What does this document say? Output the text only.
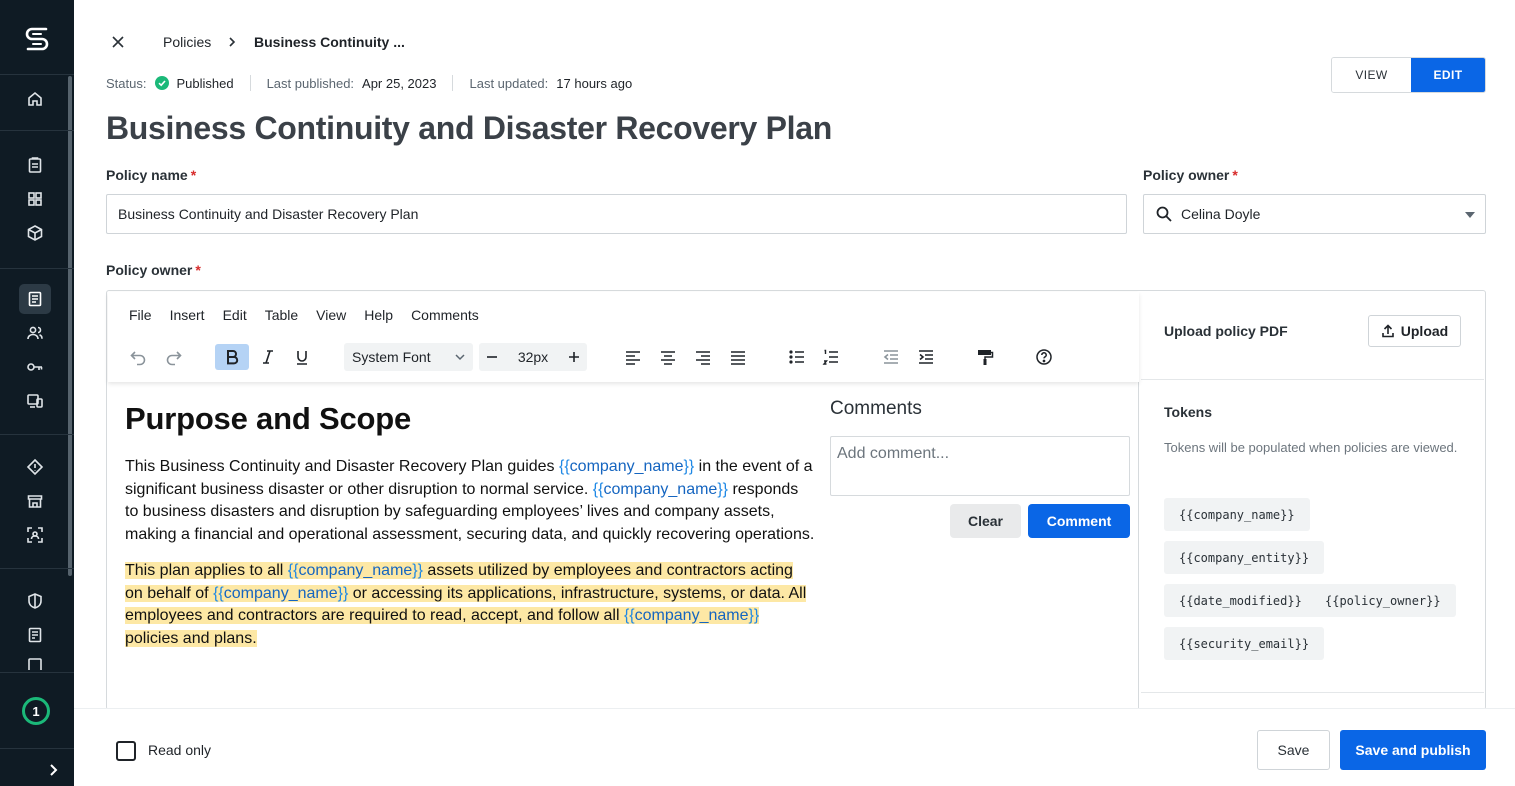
1
Policies	Business Continuity ...
Status: Published	Last published: Apr 25, 2023	Last updated: 17 hours ago
VIEW	EDIT
Business Continuity and Disaster Recovery Plan
Policy name *
Business Continuity and Disaster Recovery Plan
Policy owner *
Celina Doyle
Policy owner *
File Insert Edit Table View Help Comments
System Font	32px
Purpose and Scope

This Business Continuity and Disaster Recovery Plan guides {{company_name}} in the event of a significant business disaster or other disruption to normal service. {{company_name}} responds to business disasters and disruption by safeguarding employees’ lives and company assets, making a financial and operational assessment, securing data, and quickly recovering operations.

This plan applies to all {{company_name}} assets utilized by employees and contractors acting on behalf of {{company_name}} or accessing its applications, infrastructure, systems, or data. All employees and contractors are required to read, accept, and follow all {{company_name}} policies and plans.

Comments
Add comment...
Clear	Comment
Upload policy PDF	Upload
Tokens
Tokens will be populated when policies are viewed.
{{company_name}}
{{company_entity}}
{{date_modified}}	{{policy_owner}}
{{security_email}}
Read only	Save	Save and publish
